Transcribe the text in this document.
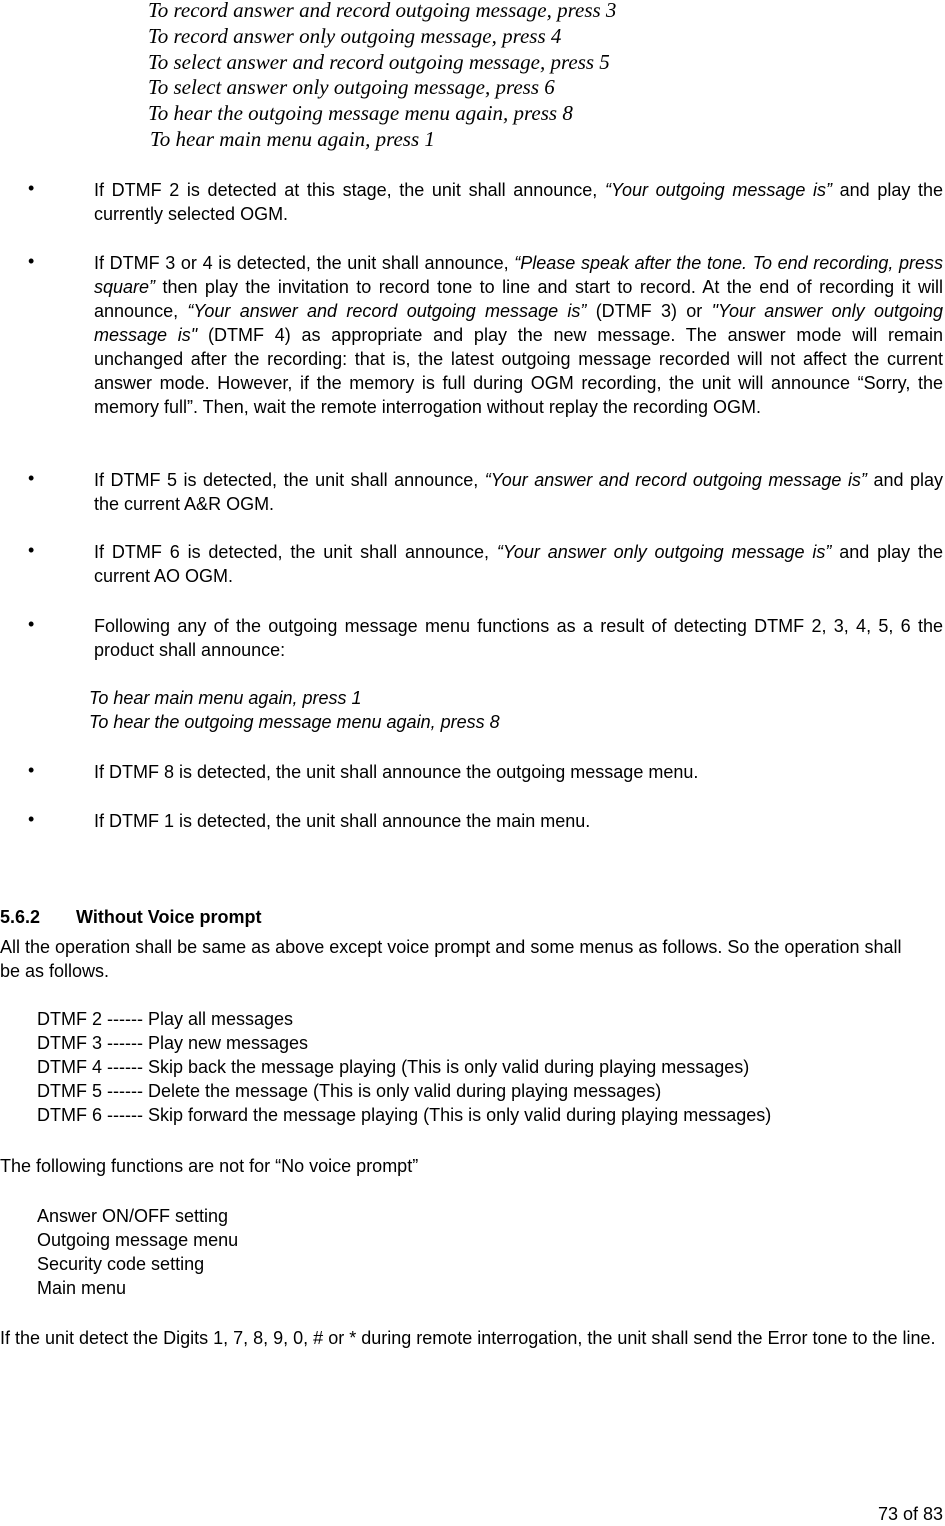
To record answer and record outgoing message, press 3
To record answer only outgoing message, press 4
To select answer and record outgoing message, press 5
To select answer only outgoing message, press 6
To hear the outgoing message menu again, press 8
To hear main menu again, press 1
•	If DTMF 2 is detected at this stage, the unit shall announce, “Your outgoing message is” and play the currently selected OGM.
•	If DTMF 3 or 4 is detected, the unit shall announce, “Please speak after the tone. To end recording, press square” then play the invitation to record tone to line and start to record. At the end of recording it will announce, “Your answer and record outgoing message is” (DTMF 3) or "Your answer only outgoing message is" (DTMF 4) as appropriate and play the new message. The answer mode will remain unchanged after the recording: that is, the latest outgoing message recorded will not affect the current answer mode. However, if the memory is full during OGM recording, the unit will announce “Sorry, the memory full”. Then, wait the remote interrogation without replay the recording OGM.
•	If DTMF 5 is detected, the unit shall announce, “Your answer and record outgoing message is” and play the current A&R OGM.
•	If DTMF 6 is detected, the unit shall announce, “Your answer only outgoing message is” and play the current AO OGM.
•	Following any of the outgoing message menu functions as a result of detecting DTMF 2, 3, 4, 5, 6 the product shall announce:
To hear main menu again, press 1
To hear the outgoing message menu again, press 8
•	If DTMF 8 is detected, the unit shall announce the outgoing message menu.
•	If DTMF 1 is detected, the unit shall announce the main menu.
5.6.2 Without Voice prompt
All the operation shall be same as above except voice prompt and some menus as follows. So the operation shall be as follows.
DTMF 2 ------ Play all messages
DTMF 3 ------ Play new messages
DTMF 4 ------ Skip back the message playing (This is only valid during playing messages)
DTMF 5 ------ Delete the message (This is only valid during playing messages)
DTMF 6 ------ Skip forward the message playing (This is only valid during playing messages)
The following functions are not for “No voice prompt”
Answer ON/OFF setting
Outgoing message menu
Security code setting
Main menu
If the unit detect the Digits 1, 7, 8, 9, 0, # or * during remote interrogation, the unit shall send the Error tone to the line.
73 of 83
